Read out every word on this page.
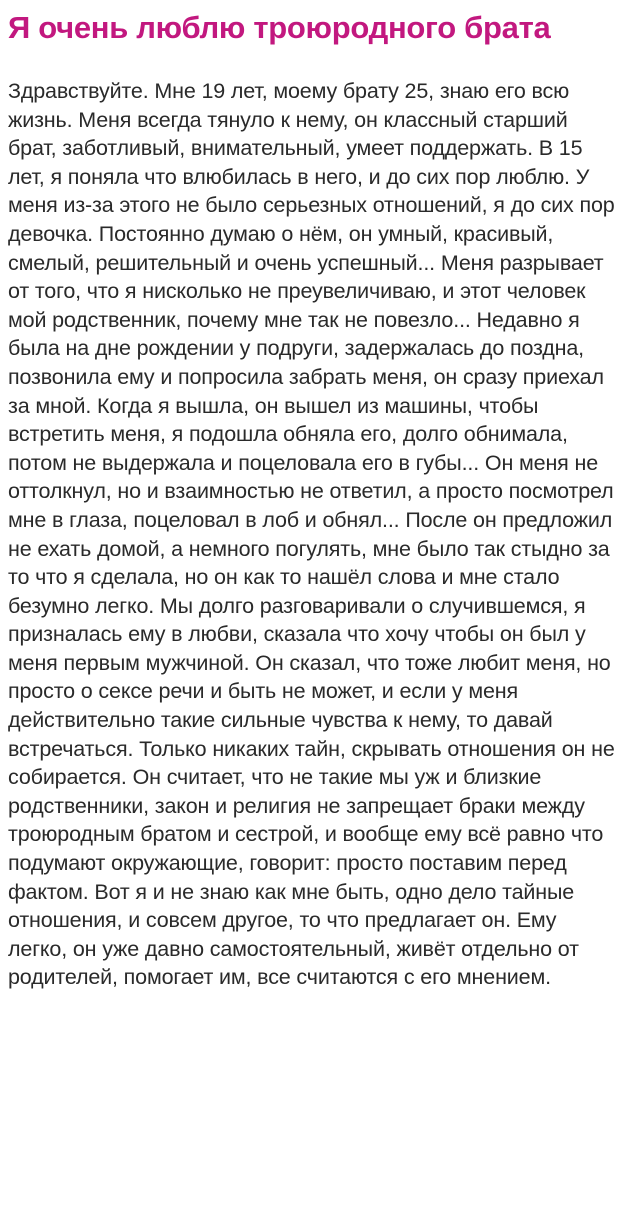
Я очень люблю троюродного брата

Здравствуйте. Мне 19 лет, моему брату 25, знаю его всю жизнь. Меня всегда тянуло к нему, он классный старший брат, заботливый, внимательный, умеет поддержать. В 15 лет, я поняла что влюбилась в него, и до сих пор люблю. У меня из-за этого не было серьезных отношений, я до сих пор девочка. Постоянно думаю о нём, он умный, красивый, смелый, решительный и очень успешный... Меня разрывает от того, что я нисколько не преувеличиваю, и этот человек мой родственник, почему мне так не повезло... Недавно я была на дне рождении у подруги, задержалась до поздна, позвонила ему и попросила забрать меня, он сразу приехал за мной. Когда я вышла, он вышел из машины, чтобы встретить меня, я подошла обняла его, долго обнимала, потом не выдержала и поцеловала его в губы... Он меня не оттолкнул, но и взаимностью не ответил, а просто посмотрел мне в глаза, поцеловал в лоб и обнял... После он предложил не ехать домой, а немного погулять, мне было так стыдно за то что я сделала, но он как то нашёл слова и мне стало безумно легко. Мы долго разговаривали о случившемся, я призналась ему в любви, сказала что хочу чтобы он был у меня первым мужчиной. Он сказал, что тоже любит меня, но просто о сексе речи и быть не может, и если у меня действительно такие сильные чувства к нему, то давай встречаться. Только никаких тайн, скрывать отношения он не собирается. Он считает, что не такие мы уж и близкие родственники, закон и религия не запрещает браки между троюродным братом и сестрой, и вообще ему всё равно что подумают окружающие, говорит: просто поставим перед фактом. Вот я и не знаю как мне быть, одно дело тайные отношения, и совсем другое, то что предлагает он. Ему легко, он уже давно самостоятельный, живёт отдельно от родителей, помогает им, все считаются с его мнением.
